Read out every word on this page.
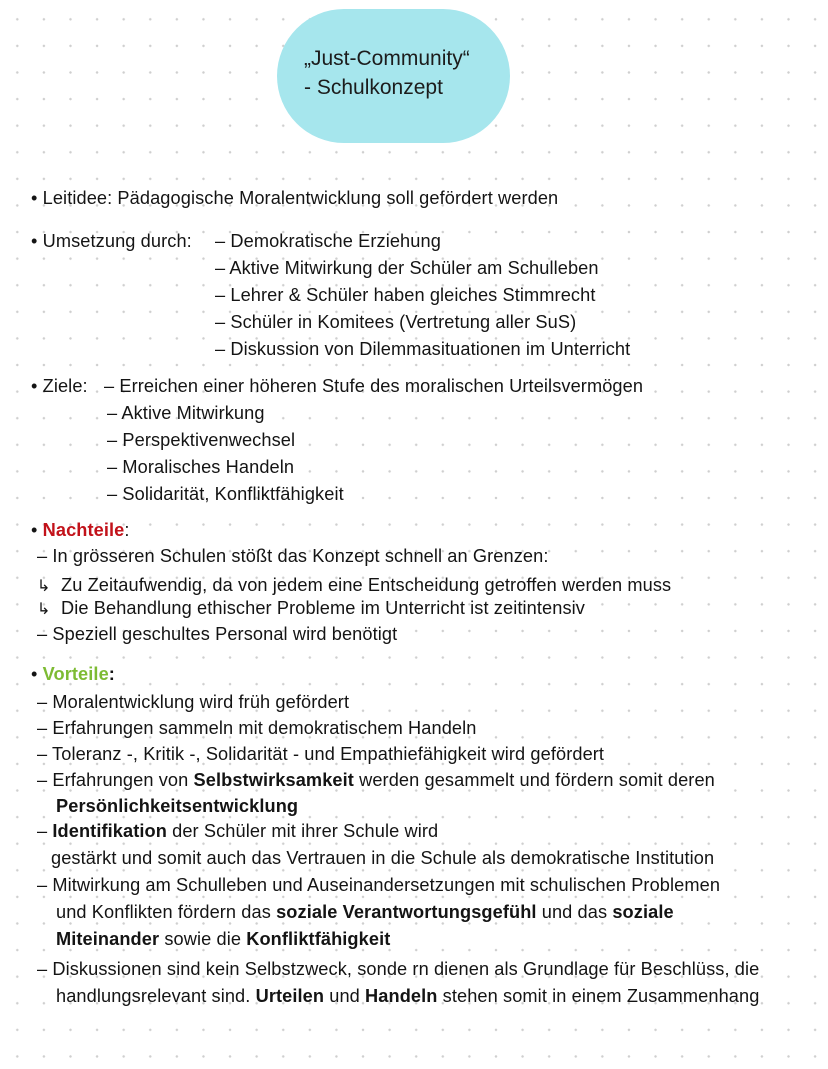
„Just-Community“
- Schulkonzept
• Leitidee: Pädagogische Moralentwicklung soll gefördert werden
• Umsetzung durch: – Demokratische Erziehung
– Aktive Mitwirkung der Schüler am Schulleben
– Lehrer & Schüler haben gleiches Stimmrecht
– Schüler in Komitees (Vertretung aller SuS)
– Diskussion von Dilemmasituationen im Unterricht
• Ziele: – Erreichen einer höheren Stufe des moralischen Urteilsvermögen
– Aktive Mitwirkung
– Perspektivenwechsel
– Moralisches Handeln
– Solidarität, Konfliktfähigkeit
• Nachteile:
– In grösseren Schulen stößt das Konzept schnell an Grenzen:
↳ Zu Zeitaufwendig, da von jedem eine Entscheidung getroffen werden muss
↳ Die Behandlung ethischer Probleme im Unterricht ist zeitintensiv
– Speziell geschultes Personal wird benötigt
• Vorteile:
– Moralentwicklung wird früh gefördert
– Erfahrungen sammeln mit demokratischem Handeln
– Toleranz -, Kritik -, Solidarität - und Empathiefähigkeit wird gefördert
– Erfahrungen von Selbstwirksamkeit werden gesammelt und fördern somit deren
Persönlichkeitsentwicklung
– Identifikation der Schüler mit ihrer Schule wird
gestärkt und somit auch das Vertrauen in die Schule als demokratische Institution
– Mitwirkung am Schulleben und Auseinandersetzungen mit schulischen Problemen
und Konflikten fördern das soziale Verantwortungsgefühl und das soziale
Miteinander sowie die Konfliktfähigkeit
– Diskussionen sind kein Selbstzweck, sonde rn dienen als Grundlage für Beschlüss, die
handlungsrelevant sind. Urteilen und Handeln stehen somit in einem Zusammenhang
